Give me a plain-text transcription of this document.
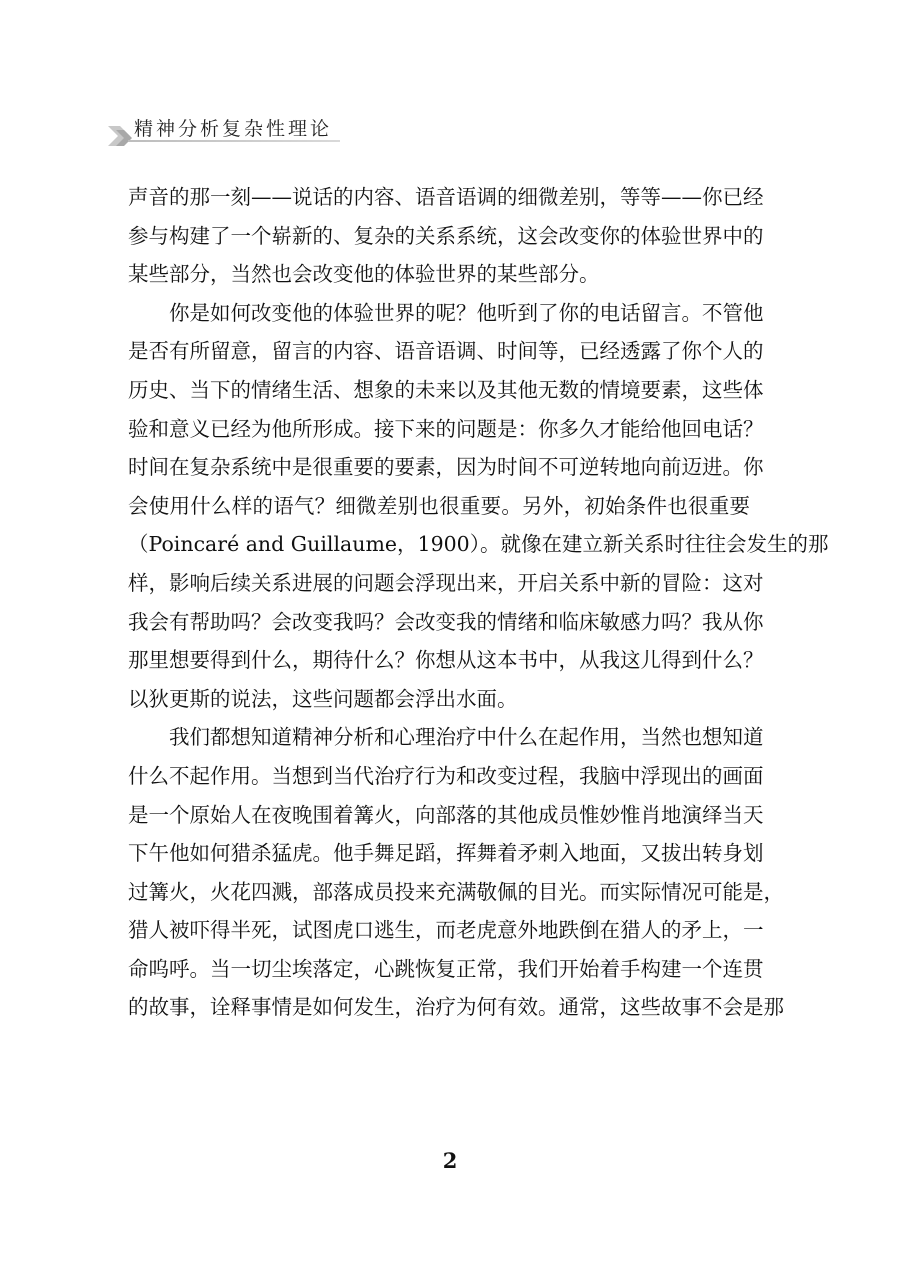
精神分析复杂性理论
声音的那一刻——说话的内容、语音语调的细微差别，等等——你已经
参与构建了一个崭新的、复杂的关系系统，这会改变你的体验世界中的
某些部分，当然也会改变他的体验世界的某些部分。
　　你是如何改变他的体验世界的呢？他听到了你的电话留言。不管他
是否有所留意，留言的内容、语音语调、时间等，已经透露了你个人的
历史、当下的情绪生活、想象的未来以及其他无数的情境要素，这些体
验和意义已经为他所形成。接下来的问题是：你多久才能给他回电话？
时间在复杂系统中是很重要的要素，因为时间不可逆转地向前迈进。你
会使用什么样的语气？细微差别也很重要。另外，初始条件也很重要
（Poincaré and Guillaume，1900）。就像在建立新关系时往往会发生的那
样，影响后续关系进展的问题会浮现出来，开启关系中新的冒险：这对
我会有帮助吗？会改变我吗？会改变我的情绪和临床敏感力吗？我从你
那里想要得到什么，期待什么？你想从这本书中，从我这儿得到什么？
以狄更斯的说法，这些问题都会浮出水面。
　　我们都想知道精神分析和心理治疗中什么在起作用，当然也想知道
什么不起作用。当想到当代治疗行为和改变过程，我脑中浮现出的画面
是一个原始人在夜晚围着篝火，向部落的其他成员惟妙惟肖地演绎当天
下午他如何猎杀猛虎。他手舞足蹈，挥舞着矛刺入地面，又拔出转身划
过篝火，火花四溅，部落成员投来充满敬佩的目光。而实际情况可能是，
猎人被吓得半死，试图虎口逃生，而老虎意外地跌倒在猎人的矛上，一
命呜呼。当一切尘埃落定，心跳恢复正常，我们开始着手构建一个连贯
的故事，诠释事情是如何发生，治疗为何有效。通常，这些故事不会是那
2
